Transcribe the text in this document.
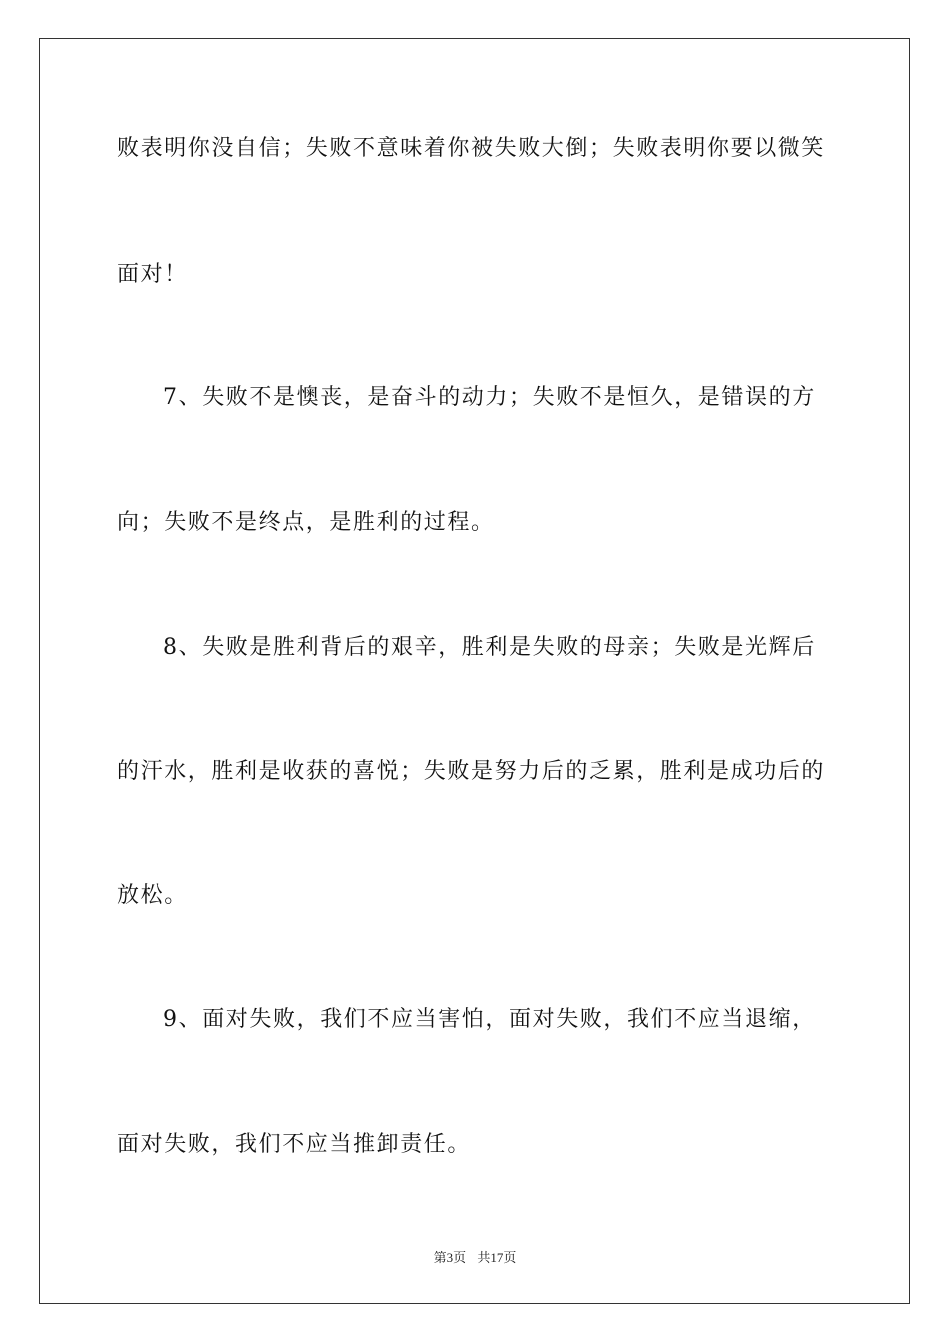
败表明你没自信；失败不意味着你被失败大倒；失败表明你要以微笑
面对！
7、失败不是懊丧，是奋斗的动力；失败不是恒久，是错误的方
向；失败不是终点，是胜利的过程。
8、失败是胜利背后的艰辛，胜利是失败的母亲；失败是光辉后
的汗水，胜利是收获的喜悦；失败是努力后的乏累，胜利是成功后的
放松。
9、面对失败，我们不应当害怕，面对失败，我们不应当退缩，
面对失败，我们不应当推卸责任。
第3页 共17页
